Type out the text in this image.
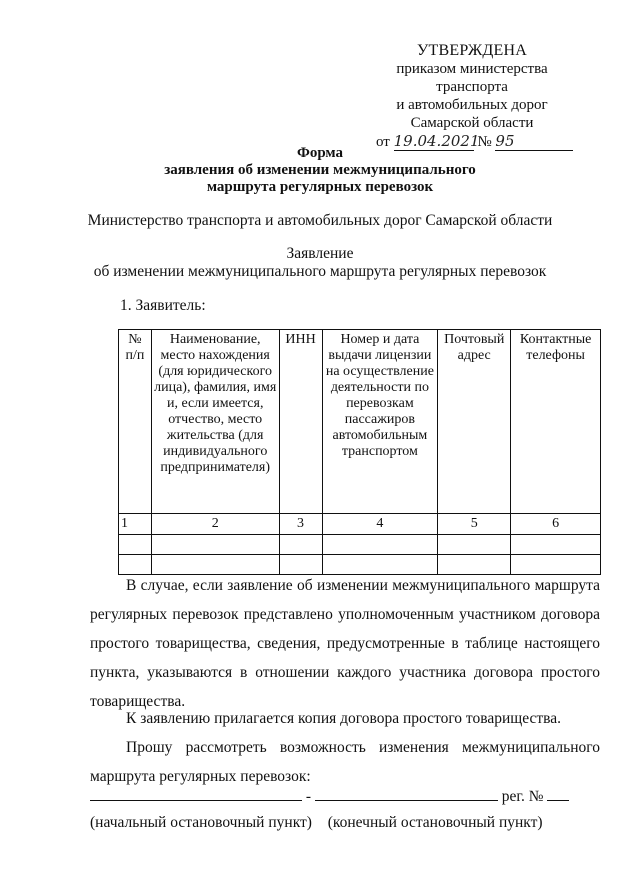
УТВЕРЖДЕНА
приказом министерства транспорта
и автомобильных дорог
Самарской области
от 19.04.2021 № 95
Форма
заявления об изменении межмуниципального
маршрута регулярных перевозок
Министерство транспорта и автомобильных дорог Самарской области
Заявление
об изменении межмуниципального маршрута регулярных перевозок
1. Заявитель:
№ п/п	Наименование, место нахождения (для юридического лица), фамилия, имя и, если имеется, отчество, место жительства (для индивидуального предпринимателя)	ИНН	Номер и дата выдачи лицензии на осуществление деятельности по перевозкам пассажиров автомобильным транспортом	Почтовый адрес	Контактные телефоны
1	2	3	4	5	6

В случае, если заявление об изменении межмуниципального маршрута регулярных перевозок представлено уполномоченным участником договора простого товарищества, сведения, предусмотренные в таблице настоящего пункта, указываются в отношении каждого участника договора простого товарищества.

К заявлению прилагается копия договора простого товарищества.

Прошу рассмотреть возможность изменения межмуниципального маршрута регулярных перевозок:

-	рег. №
(начальный остановочный пункт) (конечный остановочный пункт)
